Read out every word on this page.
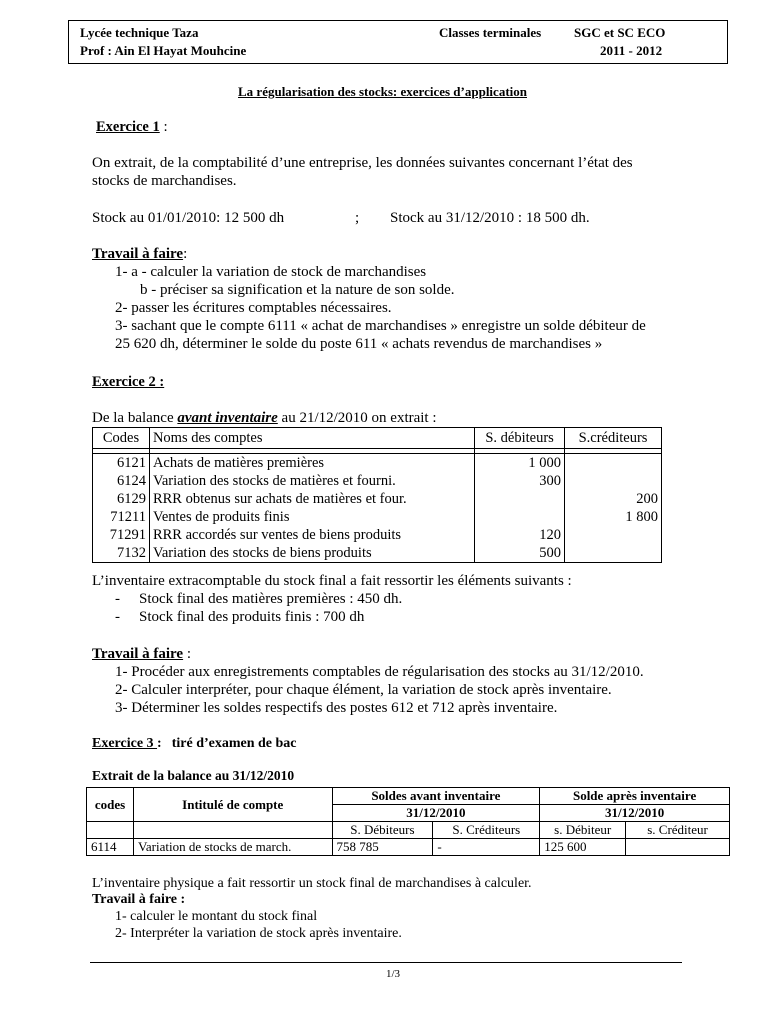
Lycée technique Taza	Classes terminales	SGC et SC ECO
Prof : Ain El Hayat Mouhcine	2011 - 2012
La régularisation des stocks: exercices d’application
Exercice 1 :
On extrait, de la comptabilité d’une entreprise, les données suivantes concernant l’état des
stocks de marchandises.
Stock au 01/01/2010: 12 500 dh	; Stock au 31/12/2010 : 18 500 dh.
Travail à faire:
1- a - calculer la variation de stock de marchandises
b - préciser sa signification et la nature de son solde.
2- passer les écritures comptables nécessaires.
3- sachant que le compte 6111 « achat de marchandises » enregistre un solde débiteur de
25 620 dh, déterminer le solde du poste 611 « achats revendus de marchandises »
Exercice 2 :
De la balance avant inventaire au 21/12/2010 on extrait :
Codes	Noms des comptes	S. débiteurs	S.créditeurs

6121	Achats de matières premières	1 000	
6124	Variation des stocks de matières et fourni.	300	
6129	RRR obtenus sur achats de matières et four.		200
71211	Ventes de produits finis		1 800
71291	RRR accordés sur ventes de biens produits	120	
7132	Variation des stocks de biens produits	500	
L’inventaire extracomptable du stock final a fait ressortir les éléments suivants :
- Stock final des matières premières : 450 dh.
- Stock final des produits finis : 700 dh
Travail à faire :
1- Procéder aux enregistrements comptables de régularisation des stocks au 31/12/2010.
2- Calculer interpréter, pour chaque élément, la variation de stock après inventaire.
3- Déterminer les soldes respectifs des postes 612 et 712 après inventaire.
Exercice 3 : tiré d’examen de bac
Extrait de la balance au 31/12/2010
codes	Intitulé de compte	Soldes avant inventaire		Solde après inventaire	

		31/12/2010		31/12/2010	
		S. Débiteurs	S. Créditeurs	s. Débiteur	s. Créditeur
6114	Variation de stocks de march.	758 785	-	125 600	
L’inventaire physique a fait ressortir un stock final de marchandises à calculer.
Travail à faire :
1- calculer le montant du stock final
2- Interpréter la variation de stock après inventaire.
1/3
